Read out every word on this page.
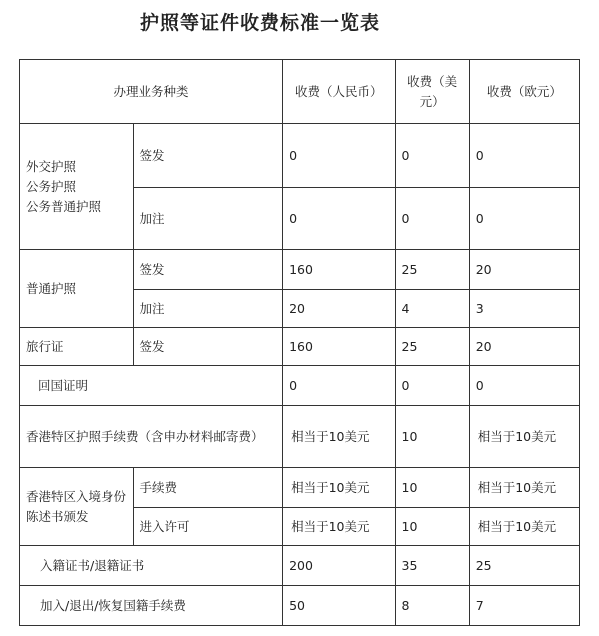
护照等证件收费标准一览表
办理业务种类		收费（人民币）	收费（美元）	收费（欧元）

外交护照
公务护照
公务普通护照	签发	0	0	0
	加注	0	0	0
普通护照	签发	160	25	20
	加注	20	4	3
旅行证	签发	160	25	20
回国证明		0	0	0
香港特区护照手续费（含申办材料邮寄费）		相当于10美元	10	相当于10美元
香港特区入境身份陈述书颁发	手续费	相当于10美元	10	相当于10美元
	进入许可	相当于10美元	10	相当于10美元
入籍证书/退籍证书		200	35	25
加入/退出/恢复国籍手续费		50	8	7
